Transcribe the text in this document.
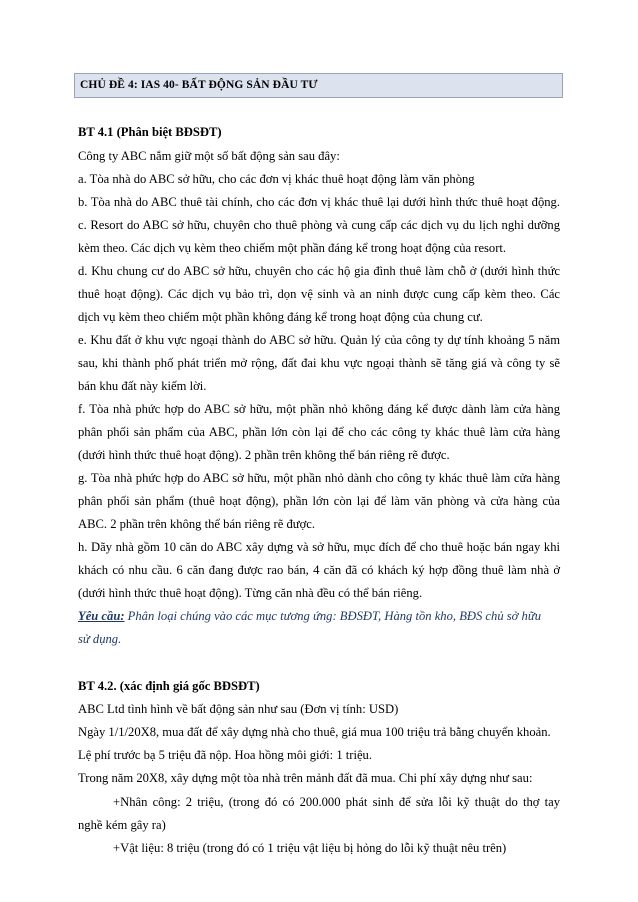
CHỦ ĐỀ 4: IAS 40- BẤT ĐỘNG SẢN ĐẦU TƯ
BT 4.1 (Phân biệt BĐSĐT)
Công ty ABC nắm giữ một số bất động sản sau đây:
a. Tòa nhà do ABC sở hữu, cho các đơn vị khác thuê hoạt động làm văn phòng
b. Tòa nhà do ABC thuê tài chính, cho các đơn vị khác thuê lại dưới hình thức thuê hoạt động.
c. Resort do ABC sở hữu, chuyên cho thuê phòng và cung cấp các dịch vụ du lịch nghỉ dưỡng
kèm theo. Các dịch vụ kèm theo chiếm một phần đáng kể trong hoạt động của resort.
d. Khu chung cư do ABC sở hữu, chuyên cho các hộ gia đình thuê làm chỗ ở (dưới hình thức
thuê hoạt động). Các dịch vụ bảo trì, dọn vệ sinh và an ninh được cung cấp kèm theo. Các
dịch vụ kèm theo chiếm một phần không đáng kể trong hoạt động của chung cư.
e. Khu đất ở khu vực ngoại thành do ABC sở hữu. Quản lý của công ty dự tính khoảng 5 năm
sau, khi thành phố phát triển mở rộng, đất đai khu vực ngoại thành sẽ tăng giá và công ty sẽ
bán khu đất này kiếm lời.
f. Tòa nhà phức hợp do ABC sở hữu, một phần nhỏ không đáng kể được dành làm cửa hàng
phân phối sản phẩm của ABC, phần lớn còn lại để cho các công ty khác thuê làm cửa hàng
(dưới hình thức thuê hoạt động). 2 phần trên không thể bán riêng rẽ được.
g. Tòa nhà phức hợp do ABC sở hữu, một phần nhỏ dành cho công ty khác thuê làm cửa hàng
phân phối sản phẩm (thuê hoạt động), phần lớn còn lại để làm văn phòng và cửa hàng của
ABC. 2 phần trên không thể bán riêng rẽ được.
h. Dãy nhà gồm 10 căn do ABC xây dựng và sở hữu, mục đích để cho thuê hoặc bán ngay khi
khách có nhu cầu. 6 căn đang được rao bán, 4 căn đã có khách ký hợp đồng thuê làm nhà ở
(dưới hình thức thuê hoạt động). Từng căn nhà đều có thể bán riêng.
Yêu cầu: Phân loại chúng vào các mục tương ứng: BĐSĐT, Hàng tồn kho, BĐS chủ sở hữu
sử dụng.
BT 4.2. (xác định giá gốc BĐSĐT)
ABC Ltd tình hình về bất động sản như sau (Đơn vị tính: USD)
Ngày 1/1/20X8, mua đất để xây dựng nhà cho thuê, giá mua 100 triệu trả bằng chuyển khoản.
Lệ phí trước bạ 5 triệu đã nộp. Hoa hồng môi giới: 1 triệu.
Trong năm 20X8, xây dựng một tòa nhà trên mảnh đất đã mua. Chi phí xây dựng như sau:
+Nhân công: 2 triệu, (trong đó có 200.000 phát sinh để sửa lỗi kỹ thuật do thợ tay
nghề kém gây ra)
+Vật liệu: 8 triệu (trong đó có 1 triệu vật liệu bị hỏng do lỗi kỹ thuật nêu trên)
